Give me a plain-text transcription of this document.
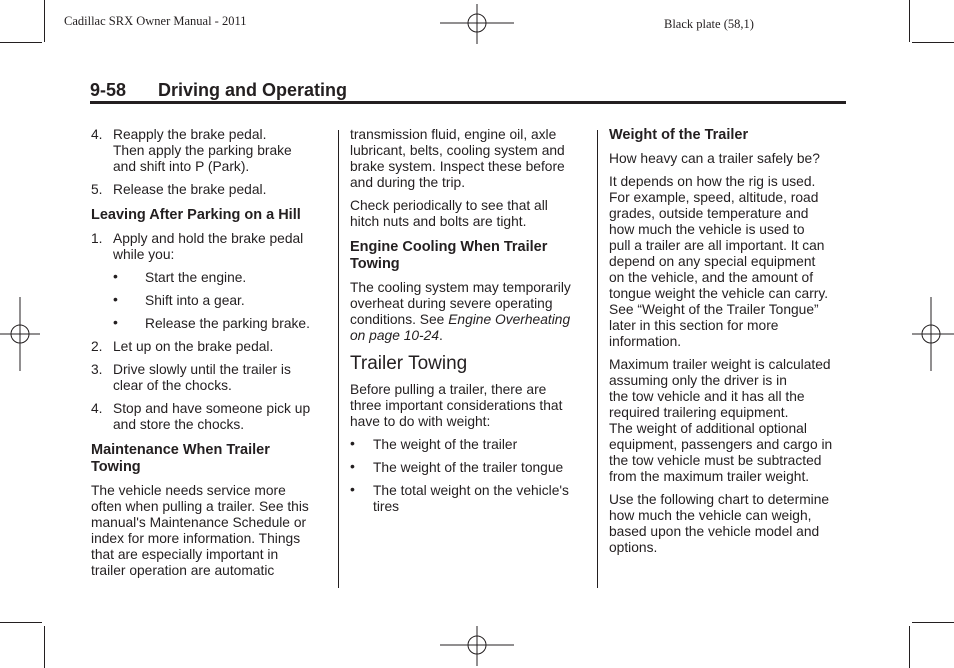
Cadillac SRX Owner Manual - 2011	Black plate (58,1)
9-58 Driving and Operating
4. Reapply the brake pedal.

Then apply the parking brake

and shift into P (Park).

5. Release the brake pedal.

Leaving After Parking on a Hill

1. Apply and hold the brake pedal

while you:

• Start the engine.

• Shift into a gear.

• Release the parking brake.

2. Let up on the brake pedal.

3. Drive slowly until the trailer is

clear of the chocks.

4. Stop and have someone pick up

and store the chocks.

Maintenance When Trailer

Towing

The vehicle needs service more

often when pulling a trailer. See this

manual's Maintenance Schedule or

index for more information. Things

that are especially important in

trailer operation are automatic

transmission fluid, engine oil, axle

lubricant, belts, cooling system and

brake system. Inspect these before

and during the trip.

Check periodically to see that all

hitch nuts and bolts are tight.

Engine Cooling When Trailer

Towing

The cooling system may temporarily

overheat during severe operating

conditions. See Engine Overheating

on page 10‑24.

Trailer Towing

Before pulling a trailer, there are

three important considerations that

have to do with weight:

• The weight of the trailer

• The weight of the trailer tongue

• The total weight on the vehicle's

tires

Weight of the Trailer

How heavy can a trailer safely be?

It depends on how the rig is used.

For example, speed, altitude, road

grades, outside temperature and

how much the vehicle is used to

pull a trailer are all important. It can

depend on any special equipment

on the vehicle, and the amount of

tongue weight the vehicle can carry.

See “Weight of the Trailer Tongue”

later in this section for more

information.

Maximum trailer weight is calculated

assuming only the driver is in

the tow vehicle and it has all the

required trailering equipment.

The weight of additional optional

equipment, passengers and cargo in

the tow vehicle must be subtracted

from the maximum trailer weight.

Use the following chart to determine

how much the vehicle can weigh,

based upon the vehicle model and

options.
